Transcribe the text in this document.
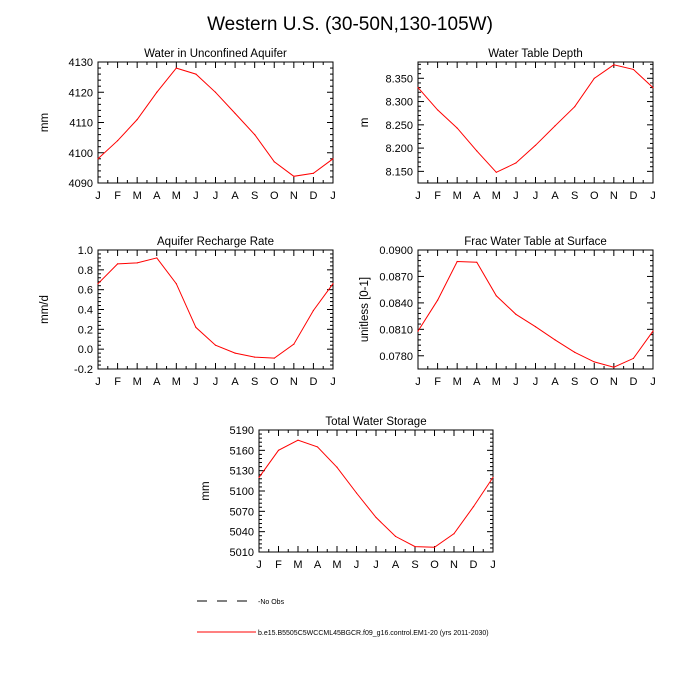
Western U.S. (30-50N,130-105W)
Water in Unconfined Aquifer
J F M A M J J A S O N D J
4090
4100
4110
4120
4130
mm
Water Table Depth
J F M A M J J A S O N D J
8.150
8.200
8.250
8.300
8.350
m
Aquifer Recharge Rate
J F M A M J J A S O N D J
-0.2
0.0
0.2
0.4
0.6
0.8
1.0
mm/d
Frac Water Table at Surface
J F M A M J J A S O N D J
0.0780
0.0810
0.0840
0.0870
0.0900
unitless [0-1]
Total Water Storage
J F M A M J J A S O N D J
5010
5040
5070
5100
5130
5160
5190
mm
-No Obs
b.e15.B5505C5WCCML45BGCR.f09_g16.control.EM1-20 (yrs 2011-2030)
